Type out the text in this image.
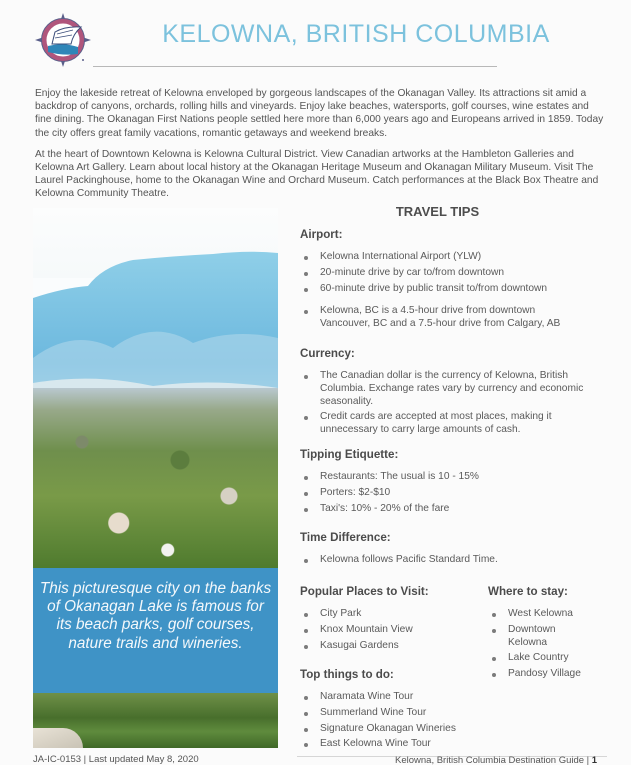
KELOWNA, BRITISH COLUMBIA

Enjoy the lakeside retreat of Kelowna enveloped by gorgeous landscapes of the Okanagan Valley. Its attractions sit amid a backdrop of canyons, orchards, rolling hills and vineyards. Enjoy lake beaches, watersports, golf courses, wine estates and fine dining. The Okanagan First Nations people settled here more than 6,000 years ago and Europeans arrived in 1859. Today the city offers great family vacations, romantic getaways and weekend breaks.

At the heart of Downtown Kelowna is Kelowna Cultural District. View Canadian artworks at the Hambleton Galleries and Kelowna Art Gallery. Learn about local history at the Okanagan Heritage Museum and Okanagan Military Museum. Visit The Laurel Packinghouse, home to the Okanagan Wine and Orchard Museum. Catch performances at the Black Box Theatre and Kelowna Community Theatre.

This picturesque city on the banks of Okanagan Lake is famous for its beach parks, golf courses, nature trails and wineries.
TRAVEL TIPS
Airport:
Kelowna International Airport (YLW)
20-minute drive by car to/from downtown
60-minute drive by public transit to/from downtown
Kelowna, BC is a 4.5-hour drive from downtown Vancouver, BC and a 7.5-hour drive from Calgary, AB
Currency:
The Canadian dollar is the currency of Kelowna, British Columbia. Exchange rates vary by currency and economic seasonality.
Credit cards are accepted at most places, making it unnecessary to carry large amounts of cash.
Tipping Etiquette:
Restaurants: The usual is 10 - 15%
Porters: $2-$10
Taxi's: 10% - 20% of the fare
Time Difference:
Kelowna follows Pacific Standard Time.
Popular Places to Visit:
City Park
Knox Mountain View
Kasugai Gardens
Where to stay:
West Kelowna
Downtown Kelowna
Lake Country
Pandosy Village
Top things to do:
Naramata Wine Tour
Summerland Wine Tour
Signature Okanagan Wineries
East Kelowna Wine Tour
JA-IC-0153 | Last updated May 8, 2020	Kelowna, British Columbia Destination Guide | 1
